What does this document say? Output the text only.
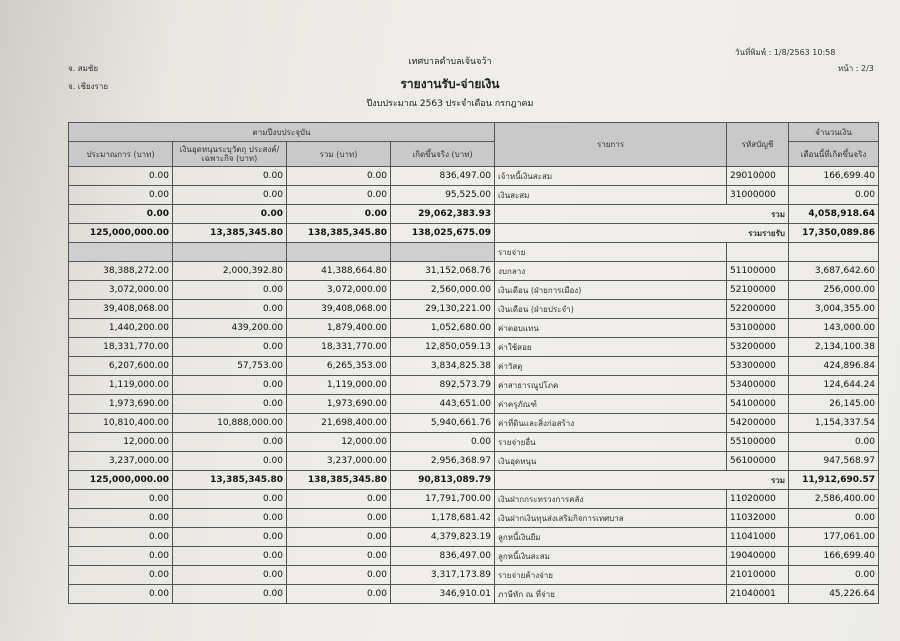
จ. สมชัย
จ. เชียงราย
เทศบาลตำบลเจ้นจว้า
วันที่พิมพ์ : 1/8/2563 10:58
หน้า : 2/3
รายงานรับ-จ่ายเงิน
ปีงบประมาณ 2563 ประจำเดือน กรกฎาคม
ตามปีงบประจุบัน				รายการ	รหัสบัญชี	จำนวนเงิน
ประมาณการ (บาท)	เงินอุดหนุนระบุวัตถุ ประสงค์/เฉพาะกิจ (บาท)	รวม (บาท)	เกิดขึ้นจริง (บาท)			เดือนนี้ที่เกิดขึ้นจริง
0.00	0.00	0.00	836,497.00	เจ้าหนี้เงินสะสม	29010000	166,699.40
0.00	0.00	0.00	95,525.00	เงินสะสม	31000000	0.00
0.00	0.00	0.00	29,062,383.93	รวม		4,058,918.64
125,000,000.00	13,385,345.80	138,385,345.80	138,025,675.09	รวมรายรับ		17,350,089.86
				รายจ่าย		
38,388,272.00	2,000,392.80	41,388,664.80	31,152,068.76	งบกลาง	51100000	3,687,642.60
3,072,000.00	0.00	3,072,000.00	2,560,000.00	เงินเดือน (ฝ่ายการเมือง)	52100000	256,000.00
39,408,068.00	0.00	39,408,068.00	29,130,221.00	เงินเดือน (ฝ่ายประจำ)	52200000	3,004,355.00
1,440,200.00	439,200.00	1,879,400.00	1,052,680.00	ค่าตอบแทน	53100000	143,000.00
18,331,770.00	0.00	18,331,770.00	12,850,059.13	ค่าใช้สอย	53200000	2,134,100.38
6,207,600.00	57,753.00	6,265,353.00	3,834,825.38	ค่าวัสดุ	53300000	424,896.84
1,119,000.00	0.00	1,119,000.00	892,573.79	ค่าสาธารณูปโภค	53400000	124,644.24
1,973,690.00	0.00	1,973,690.00	443,651.00	ค่าครุภัณฑ์	54100000	26,145.00
10,810,400.00	10,888,000.00	21,698,400.00	5,940,661.76	ค่าที่ดินและสิ่งก่อสร้าง	54200000	1,154,337.54
12,000.00	0.00	12,000.00	0.00	รายจ่ายอื่น	55100000	0.00
3,237,000.00	0.00	3,237,000.00	2,956,368.97	เงินอุดหนุน	56100000	947,568.97
125,000,000.00	13,385,345.80	138,385,345.80	90,813,089.79	รวม		11,912,690.57
0.00	0.00	0.00	17,791,700.00	เงินฝากกระทรวงการคลัง	11020000	2,586,400.00
0.00	0.00	0.00	1,178,681.42	เงินฝากเงินทุนส่งเสริมกิจการเทศบาล	11032000	0.00
0.00	0.00	0.00	4,379,823.19	ลูกหนี้เงินยืม	11041000	177,061.00
0.00	0.00	0.00	836,497.00	ลูกหนี้เงินสะสม	19040000	166,699.40
0.00	0.00	0.00	3,317,173.89	รายจ่ายค้างจ่าย	21010000	0.00
0.00	0.00	0.00	346,910.01	ภาษีหัก ณ ที่จ่าย	21040001	45,226.64
